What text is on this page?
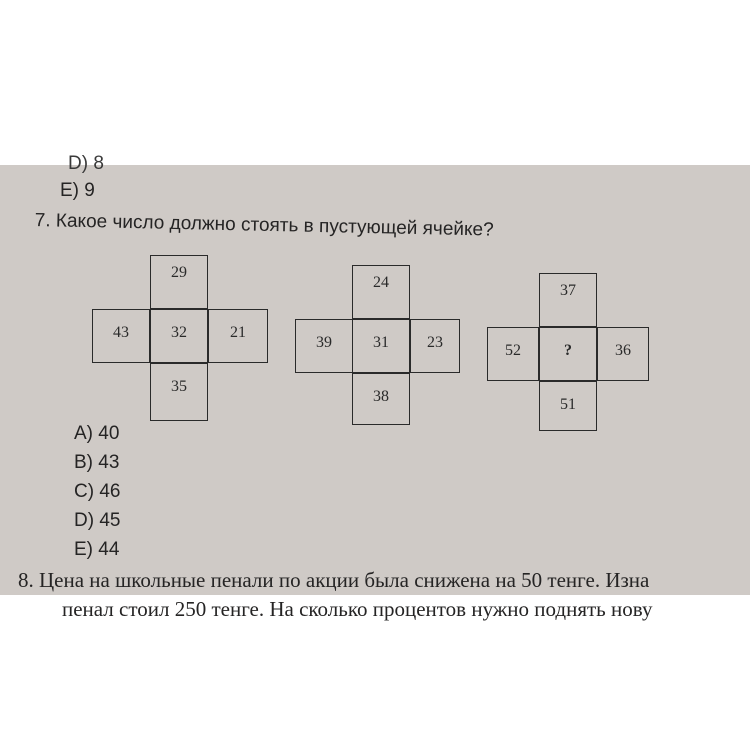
D) 8
E) 9
7. Какое число должно стоять в пустующей ячейке?
29
43	32	21
35
24
39	31	23
38
37
52	?	36
51
A) 40
B) 43
C) 46
D) 45
E) 44
8. Цена на школьные пенали по акции была снижена на 50 тенге. Изна
пенал стоил 250 тенге. На сколько процентов нужно поднять нову
